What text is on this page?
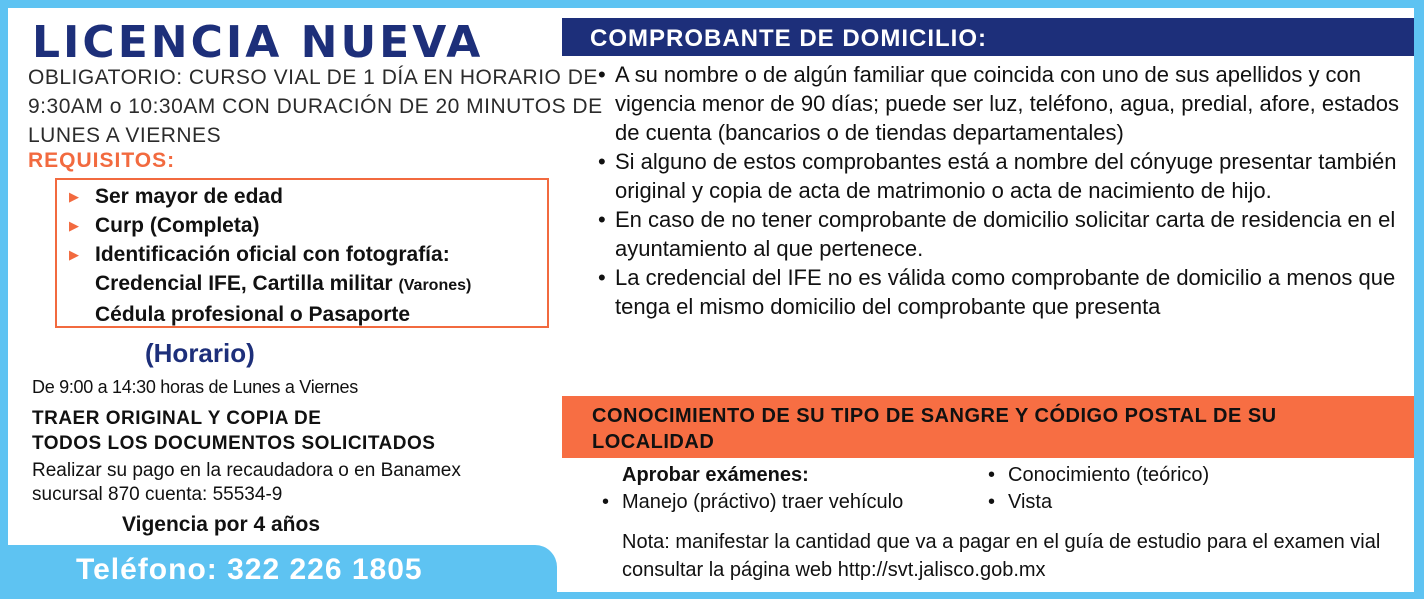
LICENCIA NUEVA

OBLIGATORIO: CURSO VIAL DE 1 DÍA EN HORARIO DE 9:30AM o 10:30AM CON DURACIÓN DE 20 MINUTOS DE LUNES A VIERNES

REQUISITOS:
▶ Ser mayor de edad
▶ Curp (Completa)
▶ Identificación oficial con fotografía:
Credencial IFE, Cartilla militar (Varones)
Cédula profesional o Pasaporte
(Horario)

De 9:00 a 14:30 horas de Lunes a Viernes

TRAER ORIGINAL Y COPIA DE
TODOS LOS DOCUMENTOS SOLICITADOS

Realizar su pago en la recaudadora o en Banamex
sucursal 870 cuenta: 55534-9

Vigencia por 4 años

Teléfono: 322 226 1805

COMPROBANTE DE DOMICILIO:
• A su nombre o de algún familiar que coincida con uno de sus apellidos y con vigencia menor de 90 días; puede ser luz, teléfono, agua, predial, afore, estados de cuenta (bancarios o de tiendas departamentales)
• Si alguno de estos comprobantes está a nombre del cónyuge presentar también original y copia de acta de matrimonio o acta de nacimiento de hijo.
• En caso de no tener comprobante de domicilio solicitar carta de residencia en el ayuntamiento al que pertenece.
• La credencial del IFE no es válida como comprobante de domicilio a menos que tenga el mismo domicilio del comprobante que presenta
CONOCIMIENTO DE SU TIPO DE SANGRE Y CÓDIGO POSTAL DE SU LOCALIDAD

Aprobar exámenes:

• Manejo (práctivo) traer vehículo

• Conocimiento (teórico)

• Vista

Nota: manifestar la cantidad que va a pagar en el guía de estudio para el examen vial consultar la página web http://svt.jalisco.gob.mx
